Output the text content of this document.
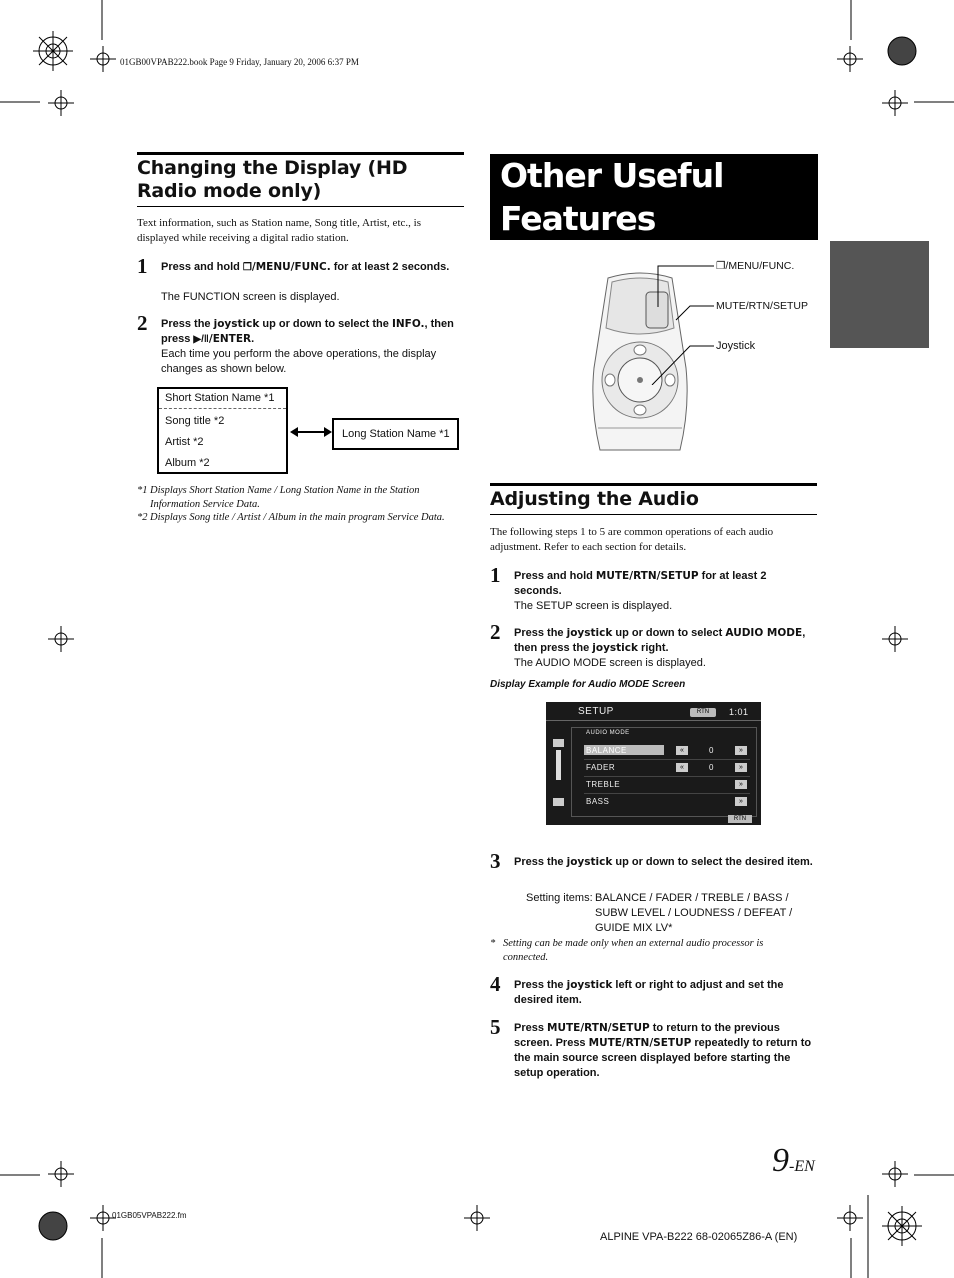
01GB00VPAB222.book Page 9 Friday, January 20, 2006 6:37 PM
Changing the Display (HD Radio mode only)
Text information, such as Station name, Song title, Artist, etc., is displayed while receiving a digital radio station.
1 Press and hold ❐/MENU/FUNC. for at least 2 seconds.
The FUNCTION screen is displayed.
2 Press the joystick up or down to select the INFO., then press ▶/‖/ENTER.
Each time you perform the above operations, the display changes as shown below.
Short Station Name *1
Song title *2
Artist *2
Album *2
Long Station Name *1
*1 Displays Short Station Name / Long Station Name in the Station Information Service Data.
*2 Displays Song title / Artist / Album in the main program Service Data.
Other Useful Features
❐/MENU/FUNC.
MUTE/RTN/SETUP
Joystick
Adjusting the Audio
The following steps 1 to 5 are common operations of each audio adjustment. Refer to each section for details.
1 Press and hold MUTE/RTN/SETUP for at least 2 seconds.
The SETUP screen is displayed.
2 Press the joystick up or down to select AUDIO MODE, then press the joystick right.
The AUDIO MODE screen is displayed.
Display Example for Audio MODE Screen
SETUP	RTN	1:01
AUDIO MODE
BALANCE
FADER
TREBLE
BASS
«	0	»
«	0	»
»
»
RTN
3 Press the joystick up or down to select the desired item.
Setting items: BALANCE / FADER / TREBLE / BASS /
SUBW LEVEL / LOUDNESS / DEFEAT /
GUIDE MIX LV*
* Setting can be made only when an external audio processor is connected.
4 Press the joystick left or right to adjust and set the desired item.
5 Press MUTE/RTN/SETUP to return to the previous screen. Press MUTE/RTN/SETUP repeatedly to return to the main source screen displayed before starting the setup operation.
9-EN
01GB05VPAB222.fm
ALPINE VPA-B222 68-02065Z86-A (EN)
